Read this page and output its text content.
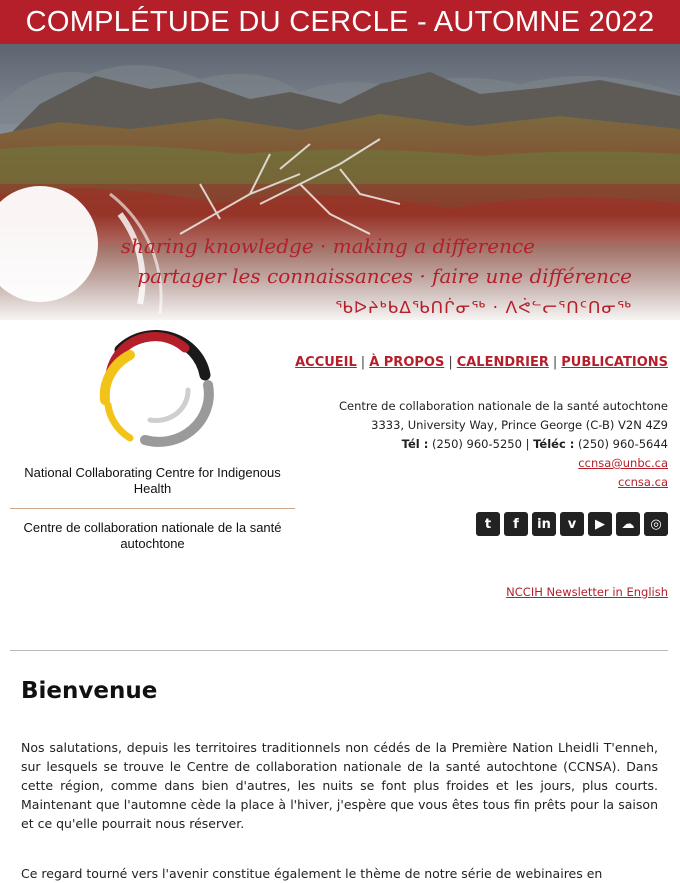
COMPLÉTUDE DU CERCLE - AUTOMNE 2022
sharing knowledge · making a difference
partager les connaissances · faire une différence
ᖃᐅᔨᒃᑲᐃᖃᑎᒌᓂᖅ · ᐱᕚᓪᓕᕐᑎᑦᑎᓂᖅ
National Collaborating Centre for Indigenous Health
Centre de collaboration nationale de la santé autochtone
ACCUEIL | À PROPOS | CALENDRIER | PUBLICATIONS
Centre de collaboration nationale de la santé autochtone
3333, University Way, Prince George (C-B) V2N 4Z9
Tél : (250) 960-5250 | Téléc : (250) 960-5644
ccnsa@unbc.ca
ccnsa.ca
t	f	in	v	▶	☁	◎
NCCIH Newsletter in English
Bienvenue
Nos salutations, depuis les territoires traditionnels non cédés de la Première Nation Lheidli T'enneh, sur lesquels se trouve le Centre de collaboration nationale de la santé autochtone (CCNSA). Dans cette région, comme dans bien d'autres, les nuits se font plus froides et les jours, plus courts. Maintenant que l'automne cède la place à l'hiver, j'espère que vous êtes tous fin prêts pour la saison et ce qu'elle pourrait nous réserver.
Ce regard tourné vers l'avenir constitue également le thème de notre série de webinaires en
